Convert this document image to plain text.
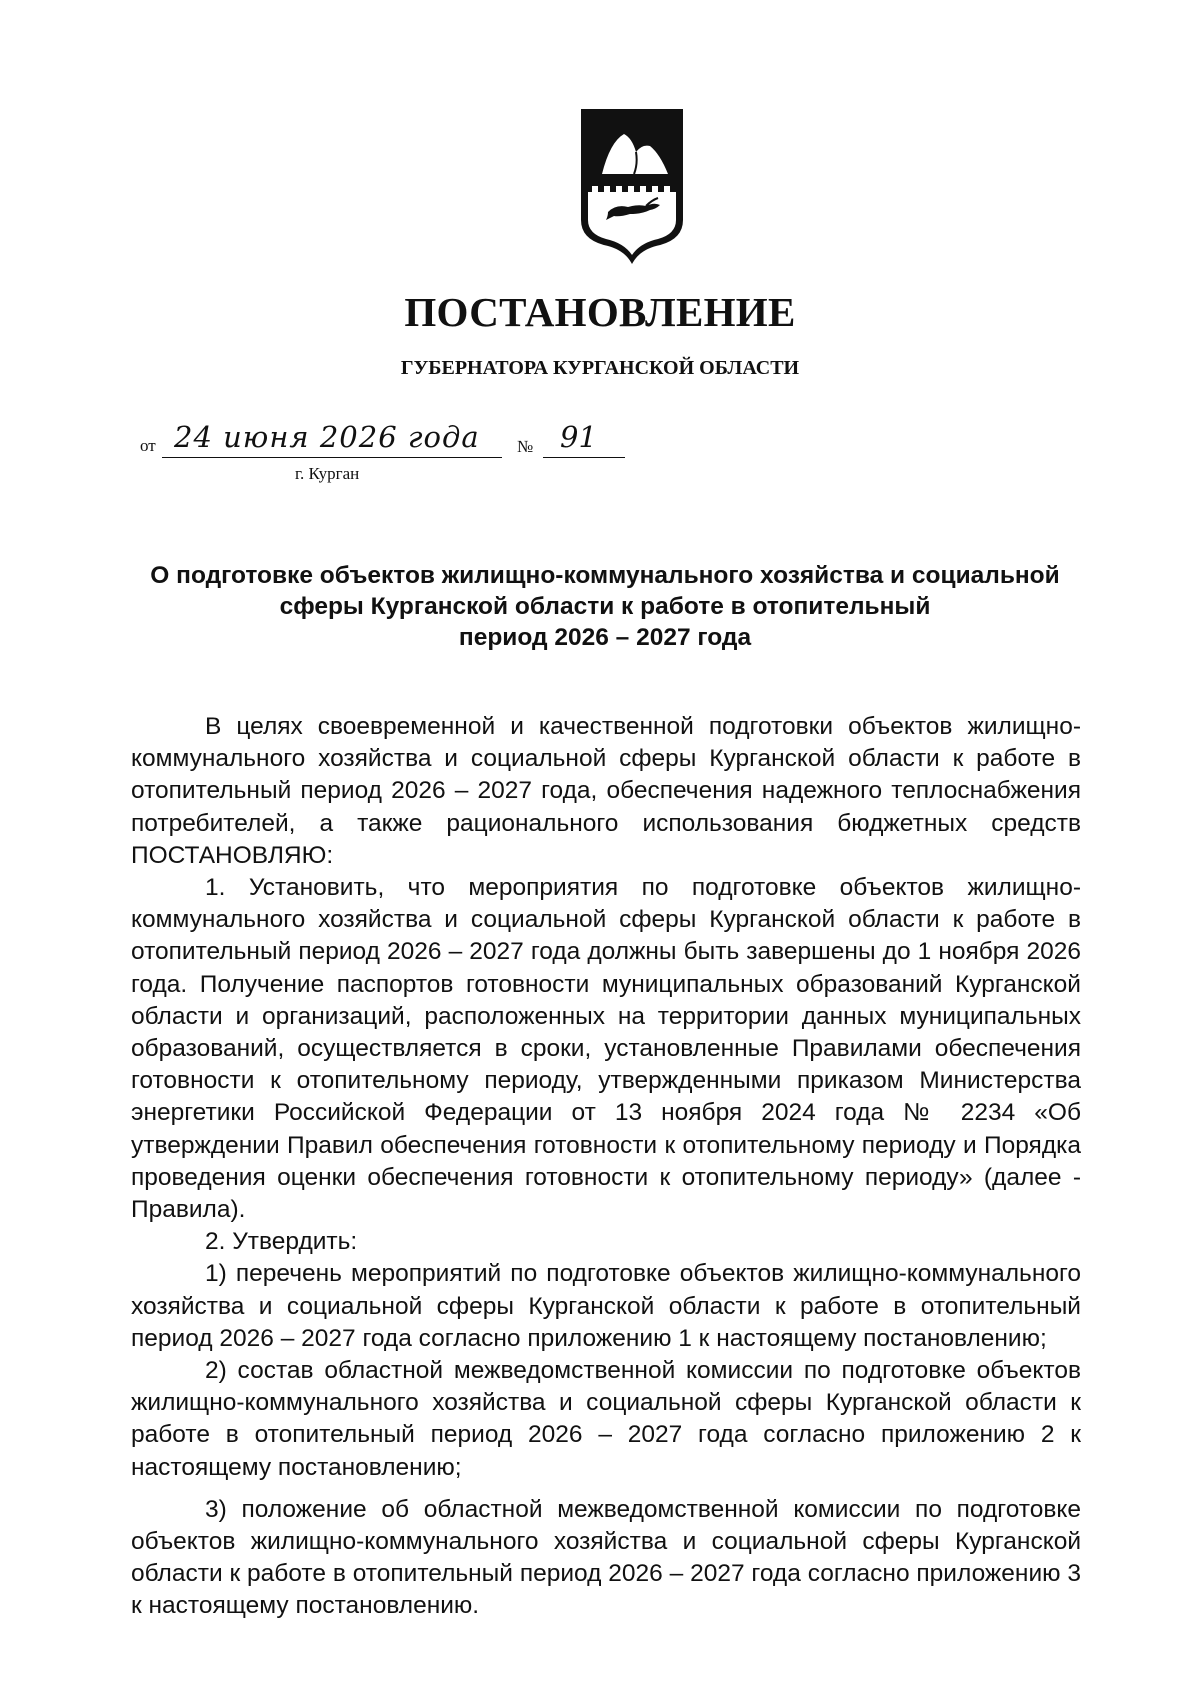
ПОСТАНОВЛЕНИЕ
ГУБЕРНАТОРА КУРГАНСКОЙ ОБЛАСТИ
от 24 июня 2026 года № 91
г. Курган
О подготовке объектов жилищно-коммунального хозяйства и социальной
сферы Курганской области к работе в отопительный
период 2026 – 2027 года

В целях своевременной и качественной подготовки объектов жилищно-коммунального хозяйства и социальной сферы Курганской области к работе в отопительный период 2026 – 2027 года, обеспечения надежного теплоснабжения потребителей, а также рационального использования бюджетных средств ПОСТАНОВЛЯЮ:

1. Установить, что мероприятия по подготовке объектов жилищно-коммунального хозяйства и социальной сферы Курганской области к работе в отопительный период 2026 – 2027 года должны быть завершены до 1 ноября 2026 года. Получение паспортов готовности муниципальных образований Курганской области и организаций, расположенных на территории данных муниципальных образований, осуществляется в сроки, установленные Правилами обеспечения готовности к отопительному периоду, утвержденными приказом Министерства энергетики Российской Федерации от 13 ноября 2024 года № 2234 «Об утверждении Правил обеспечения готовности к отопительному периоду и Порядка проведения оценки обеспечения готовности к отопительному периоду» (далее - Правила).

2. Утвердить:

1) перечень мероприятий по подготовке объектов жилищно-коммунального хозяйства и социальной сферы Курганской области к работе в отопительный период 2026 – 2027 года согласно приложению 1 к настоящему постановлению;

2) состав областной межведомственной комиссии по подготовке объектов жилищно-коммунального хозяйства и социальной сферы Курганской области к работе в отопительный период 2026 – 2027 года согласно приложению 2 к настоящему постановлению;

3) положение об областной межведомственной комиссии по подготовке объектов жилищно-коммунального хозяйства и социальной сферы Курганской области к работе в отопительный период 2026 – 2027 года согласно приложению 3 к настоящему постановлению.
